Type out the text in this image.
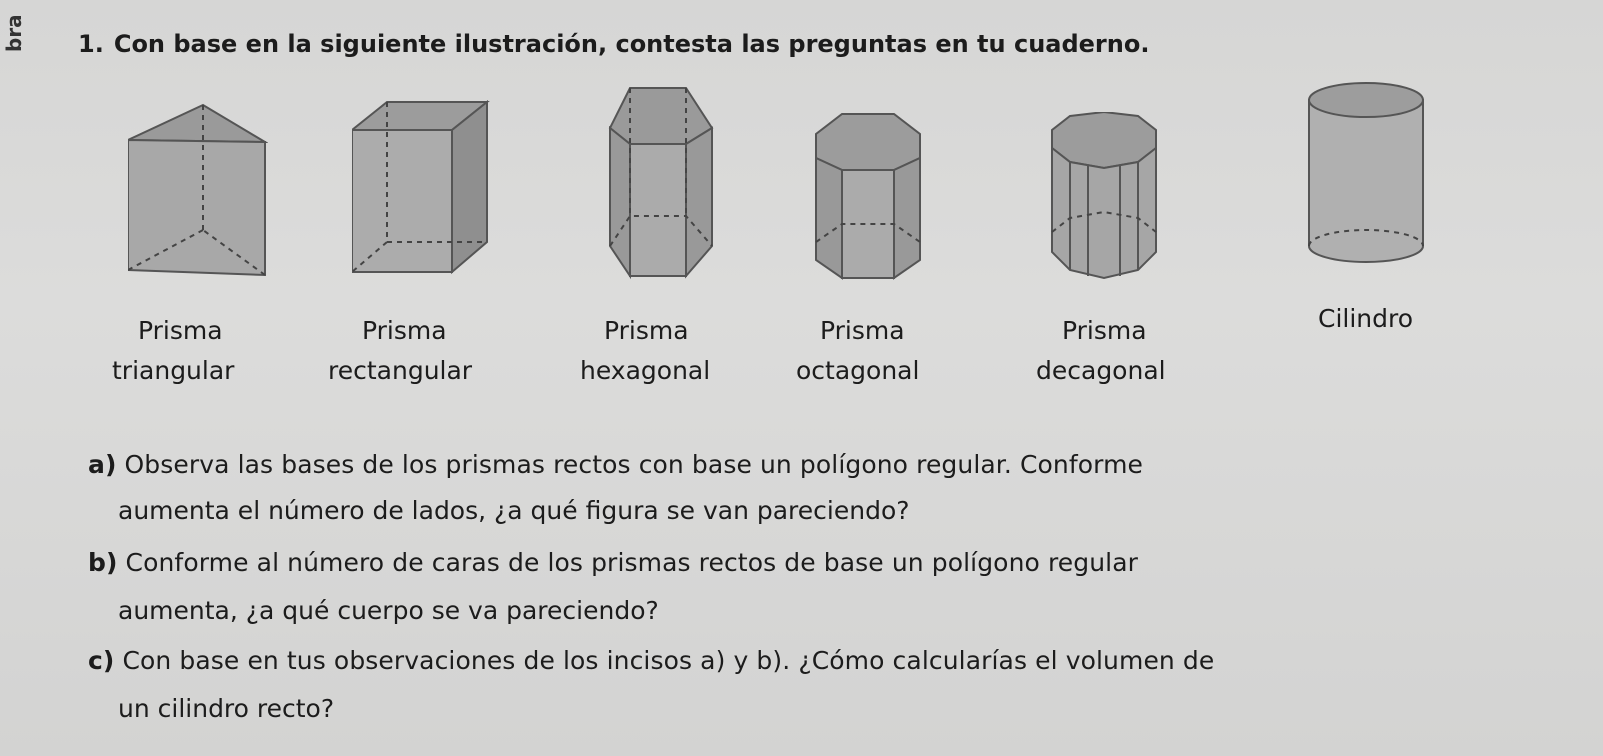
bra 1. Con base en la siguiente ilustración, contesta las preguntas en tu cuaderno.
Prisma
triangular
Prisma
rectangular
Prisma
hexagonal
Prisma
octagonal
Prisma
decagonal
Cilindro
a) Observa las bases de los prismas rectos con base un polígono regular. Conforme
aumenta el número de lados, ¿a qué figura se van pareciendo?
b) Conforme al número de caras de los prismas rectos de base un polígono regular
aumenta, ¿a qué cuerpo se va pareciendo?
c) Con base en tus observaciones de los incisos a) y b). ¿Cómo calcularías el volumen de
un cilindro recto?
